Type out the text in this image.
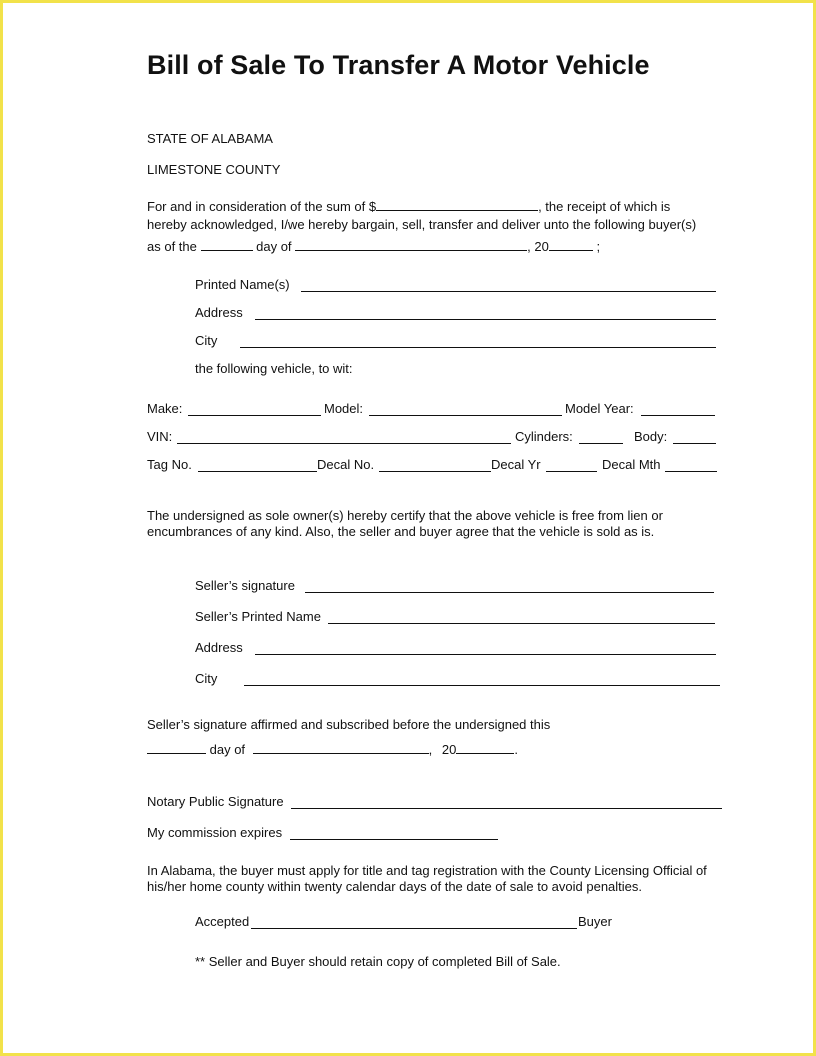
Bill of Sale To Transfer A Motor Vehicle
STATE OF ALABAMA
LIMESTONE COUNTY
For and in consideration of the sum of $	, the receipt of which is
hereby acknowledged, I/we hereby bargain, sell, transfer and deliver unto the following buyer(s)
as of the	day of	, 20	;
Printed Name(s)
Address
City
the following vehicle, to wit:
Make:	Model:	Model Year:
VIN:	Cylinders:	Body:
Tag No.	Decal No.	Decal Yr	Decal Mth
The undersigned as sole owner(s) hereby certify that the above vehicle is free from lien or
encumbrances of any kind. Also, the seller and buyer agree that the vehicle is sold as is.
Seller’s signature
Seller’s Printed Name
Address
City
Seller’s signature affirmed and subscribed before the undersigned this
day of	, 20	.
Notary Public Signature
My commission expires
In Alabama, the buyer must apply for title and tag registration with the County Licensing Official of
his/her home county within twenty calendar days of the date of sale to avoid penalties.
Accepted	Buyer
** Seller and Buyer should retain copy of completed Bill of Sale.
